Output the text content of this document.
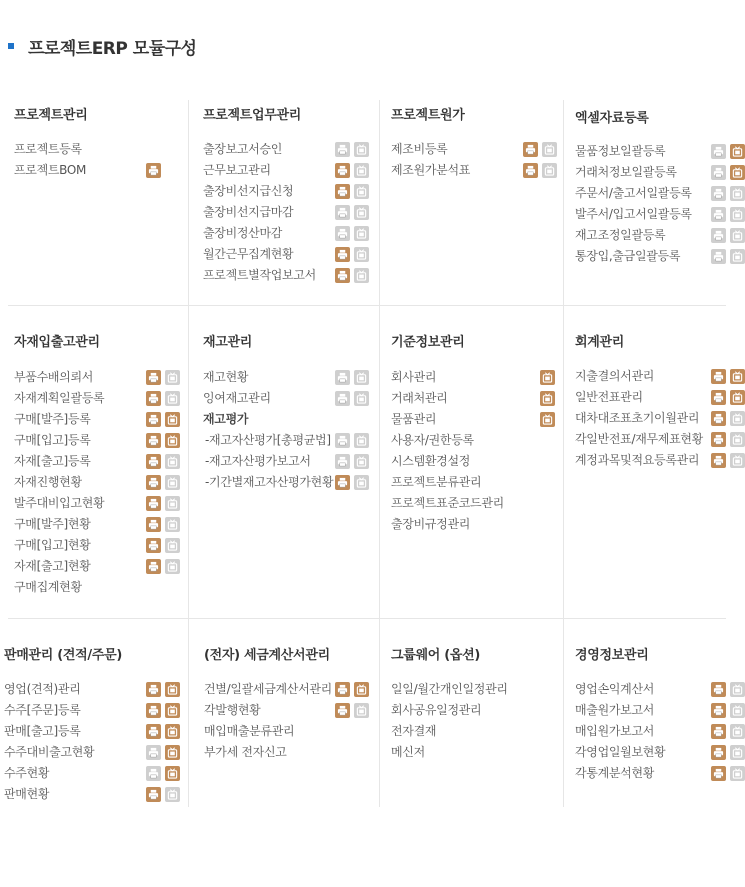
프로젝트ERP 모듈구성
프로젝트관리
프로젝트등록
프로젝트BOM
프로젝트업무관리
출장보고서승인
근무보고관리
출장비선지급신청
출장비선지급마감
출장비정산마감
월간근무집계현황
프로젝트별작업보고서
프로젝트원가
제조비등록
제조원가분석표
엑셀자료등록
물품정보일괄등록
거래처정보일괄등록
주문서/출고서일괄등록
발주서/입고서일괄등록
재고조정일괄등록
통장입,출금일괄등록
자재입출고관리
부품수배의뢰서
자재계획일괄등록
구매[발주]등록
구매[입고]등록
자재[출고]등록
자재진행현황
발주대비입고현황
구매[발주]현황
구매[입고]현황
자재[출고]현황
구매집계현황
재고관리
재고현황
잉여재고관리
재고평가
-재고자산평가[총평균법]
-재고자산평가보고서
-기간별재고자산평가현황
기준정보관리
회사관리
거래처관리
물품관리
사용자/권한등록
시스템환경설정
프로젝트분류관리
프로젝트표준코드관리
출장비규정관리
회계관리
지출결의서관리
일반전표관리
대차대조표초기이월관리
각일반전표/재무제표현황
계정과목및적요등록관리
판매관리 (견적/주문)
영업(견적)관리
수주[주문]등록
판매[출고]등록
수주대비출고현황
수주현황
판매현황
(전자) 세금계산서관리
건별/일괄세금계산서관리
각발행현황
매입매출분류관리
부가세 전자신고
그룹웨어 (옵션)
일일/월간개인일정관리
회사공유일정관리
전자결재
메신저
경영정보관리
영업손익계산서
매출원가보고서
매입원가보고서
각영업일월보현황
각통계분석현황
